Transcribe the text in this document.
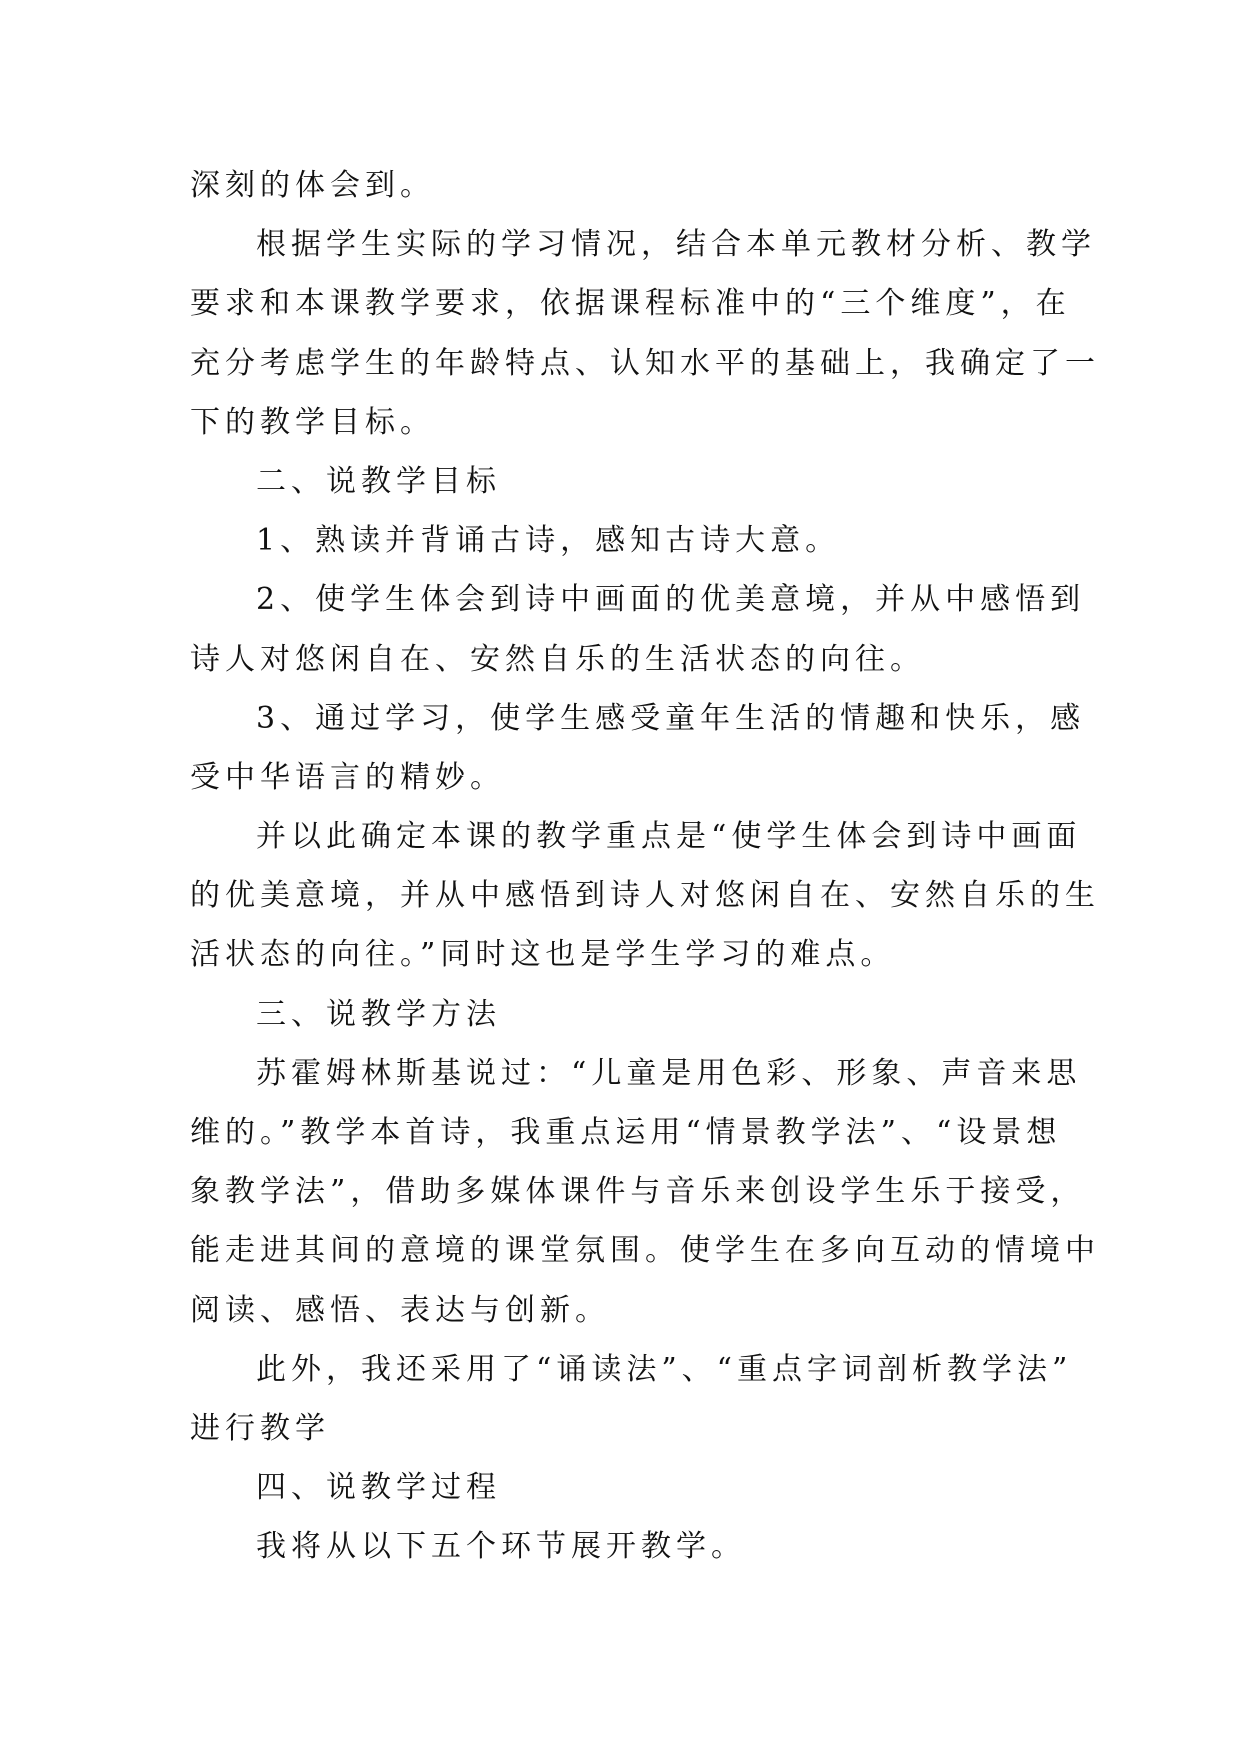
深刻的体会到。
根据学生实际的学习情况，结合本单元教材分析、教学
要求和本课教学要求，依据课程标准中的“三个维度”，在
充分考虑学生的年龄特点、认知水平的基础上，我确定了一
下的教学目标。
二、说教学目标
1、熟读并背诵古诗，感知古诗大意。
2、使学生体会到诗中画面的优美意境，并从中感悟到
诗人对悠闲自在、安然自乐的生活状态的向往。
3、通过学习，使学生感受童年生活的情趣和快乐，感
受中华语言的精妙。
并以此确定本课的教学重点是“使学生体会到诗中画面
的优美意境，并从中感悟到诗人对悠闲自在、安然自乐的生
活状态的向往。”同时这也是学生学习的难点。
三、说教学方法
苏霍姆林斯基说过：“儿童是用色彩、形象、声音来思
维的。”教学本首诗，我重点运用“情景教学法”、“设景想
象教学法”，借助多媒体课件与音乐来创设学生乐于接受，
能走进其间的意境的课堂氛围。使学生在多向互动的情境中
阅读、感悟、表达与创新。
此外，我还采用了“诵读法”、“重点字词剖析教学法”
进行教学
四、说教学过程
我将从以下五个环节展开教学。
